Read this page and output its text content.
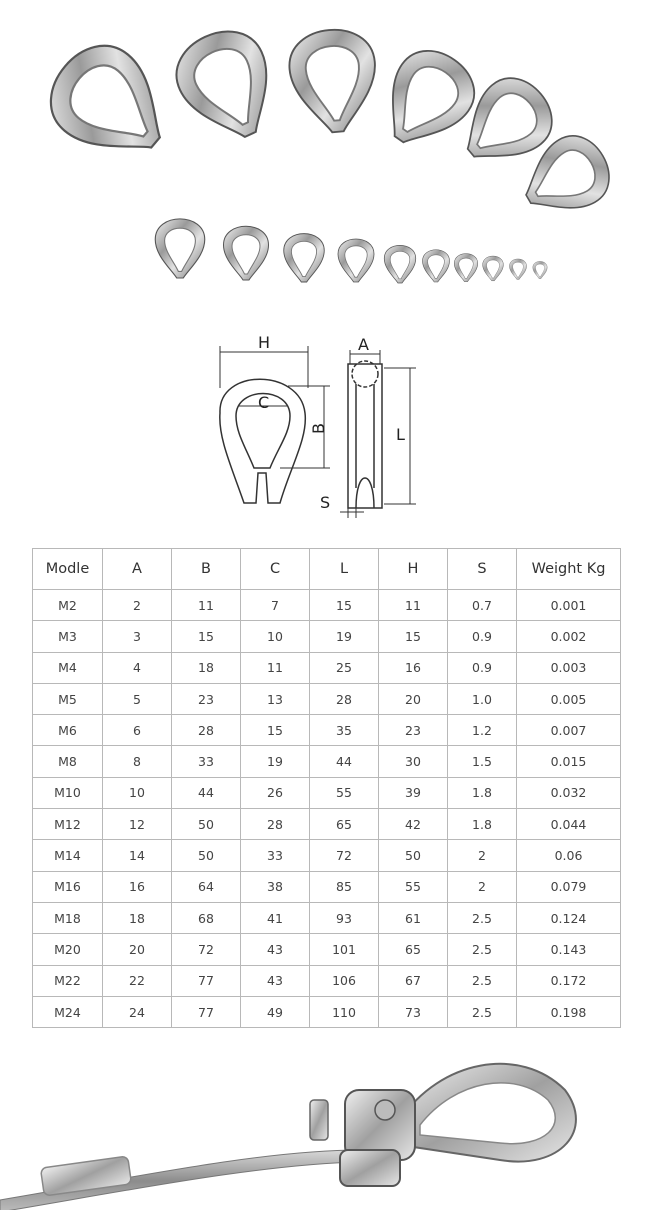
H
C
B
A
L
S
Modle	A	B	C	L	H	S	Weight Kg
M2	2	11	7	15	11	0.7	0.001
M3	3	15	10	19	15	0.9	0.002
M4	4	18	11	25	16	0.9	0.003
M5	5	23	13	28	20	1.0	0.005
M6	6	28	15	35	23	1.2	0.007
M8	8	33	19	44	30	1.5	0.015
M10	10	44	26	55	39	1.8	0.032
M12	12	50	28	65	42	1.8	0.044
M14	14	50	33	72	50	2	0.06
M16	16	64	38	85	55	2	0.079
M18	18	68	41	93	61	2.5	0.124
M20	20	72	43	101	65	2.5	0.143
M22	22	77	43	106	67	2.5	0.172
M24	24	77	49	110	73	2.5	0.198
